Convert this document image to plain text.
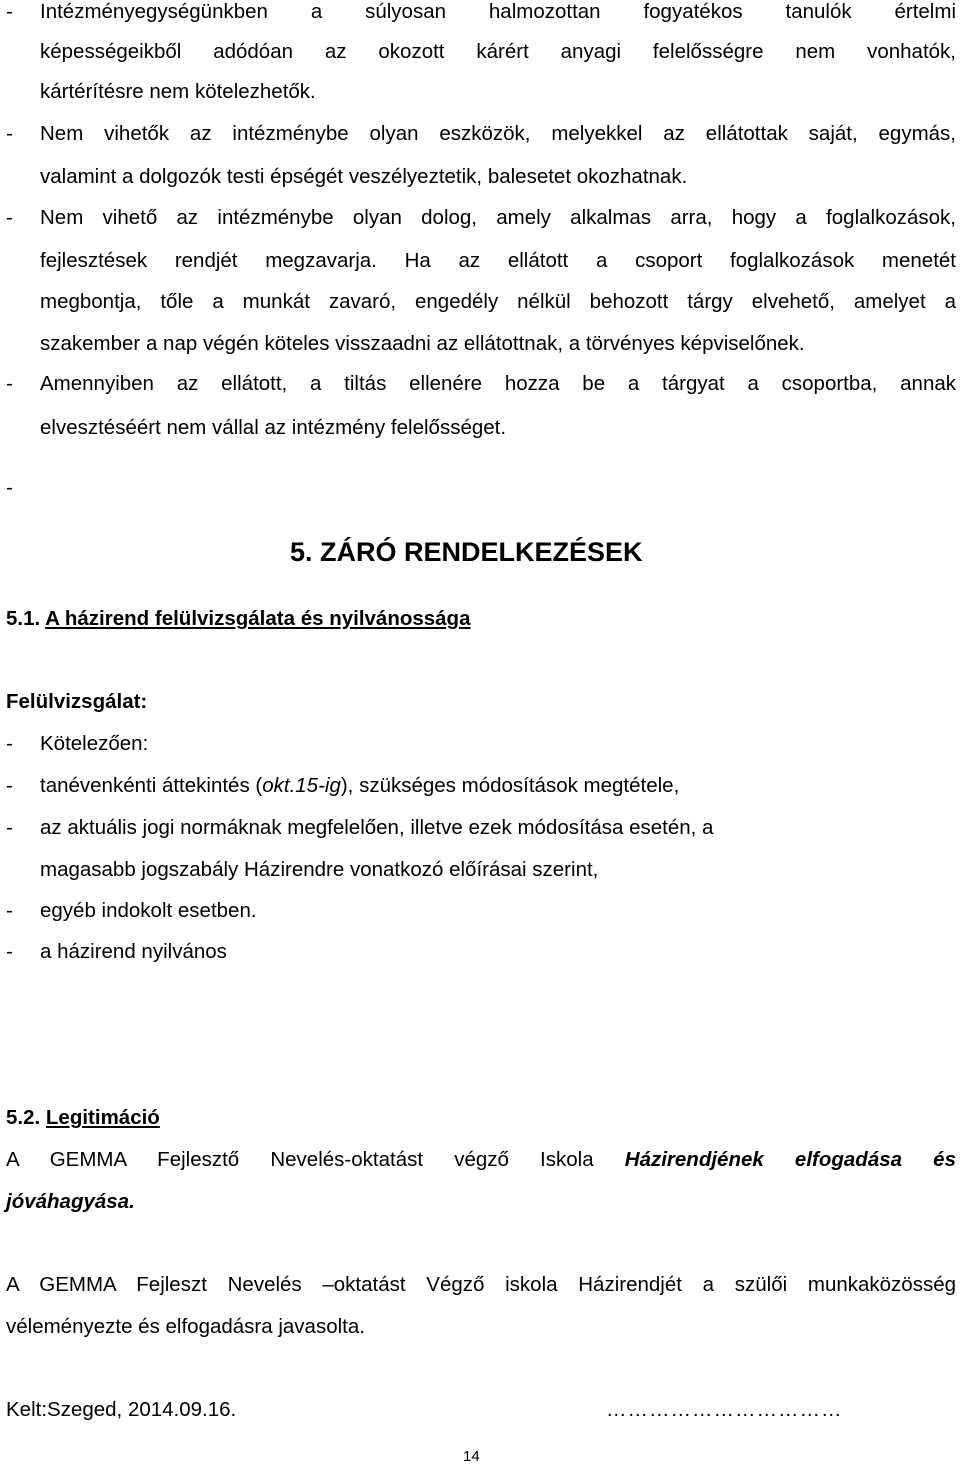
- Intézményegységünkben a súlyosan halmozottan fogyatékos tanulók értelmi
képességeikből adódóan az okozott kárért anyagi felelősségre nem vonhatók,
kártérítésre nem kötelezhetők.
- Nem vihetők az intézménybe olyan eszközök, melyekkel az ellátottak saját, egymás,
valamint a dolgozók testi épségét veszélyeztetik, balesetet okozhatnak.
- Nem vihető az intézménybe olyan dolog, amely alkalmas arra, hogy a foglalkozások,
fejlesztések rendjét megzavarja. Ha az ellátott a csoport foglalkozások menetét
megbontja, tőle a munkát zavaró, engedély nélkül behozott tárgy elvehető, amelyet a
szakember a nap végén köteles visszaadni az ellátottnak, a törvényes képviselőnek.
- Amennyiben az ellátott, a tiltás ellenére hozza be a tárgyat a csoportba, annak
elvesztéséért nem vállal az intézmény felelősséget.
-
5. ZÁRÓ RENDELKEZÉSEK
5.1. A házirend felülvizsgálata és nyilvánossága
Felülvizsgálat:
- Kötelezően:
- tanévenkénti áttekintés (okt.15-ig), szükséges módosítások megtétele,
- az aktuális jogi normáknak megfelelően, illetve ezek módosítása esetén, a
magasabb jogszabály Házirendre vonatkozó előírásai szerint,
- egyéb indokolt esetben.
- a házirend nyilvános
5.2. Legitimáció
A GEMMA Fejlesztő Nevelés-oktatást végző Iskola Házirendjének elfogadása és
jóváhagyása.
A GEMMA Fejleszt Nevelés –oktatást Végző iskola Házirendjét a szülői munkaközösség
véleményezte és elfogadásra javasolta.
Kelt:Szeged, 2014.09.16.	……………………………
14
